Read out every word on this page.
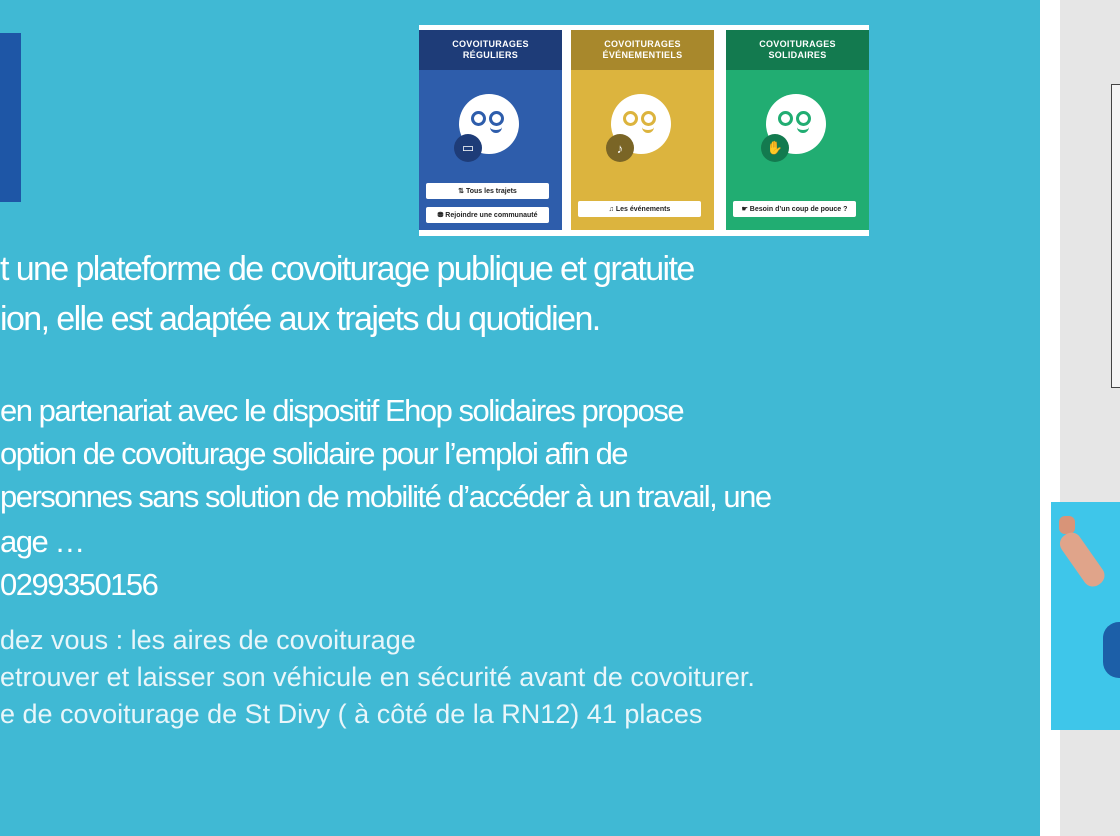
COVOITURAGES
RÉGULIERS
▭
⇅ Tous les trajets
⛃ Rejoindre une communauté
COVOITURAGES
ÉVÉNEMENTIELS
♪
♫ Les événements
COVOITURAGES
SOLIDAIRES
✋
☛ Besoin d’un coup de pouce ?
t une plateforme de covoiturage publique et gratuite
ion, elle est adaptée aux trajets du quotidien.
en partenariat avec le dispositif Ehop solidaires propose
option de covoiturage solidaire pour l’emploi afin de
personnes sans solution de mobilité d’accéder à un travail, une
age …
0299350156
dez vous : les aires de covoiturage
etrouver et laisser son véhicule en sécurité avant de covoiturer.
e de covoiturage de St Divy ( à côté de la RN12) 41 places
